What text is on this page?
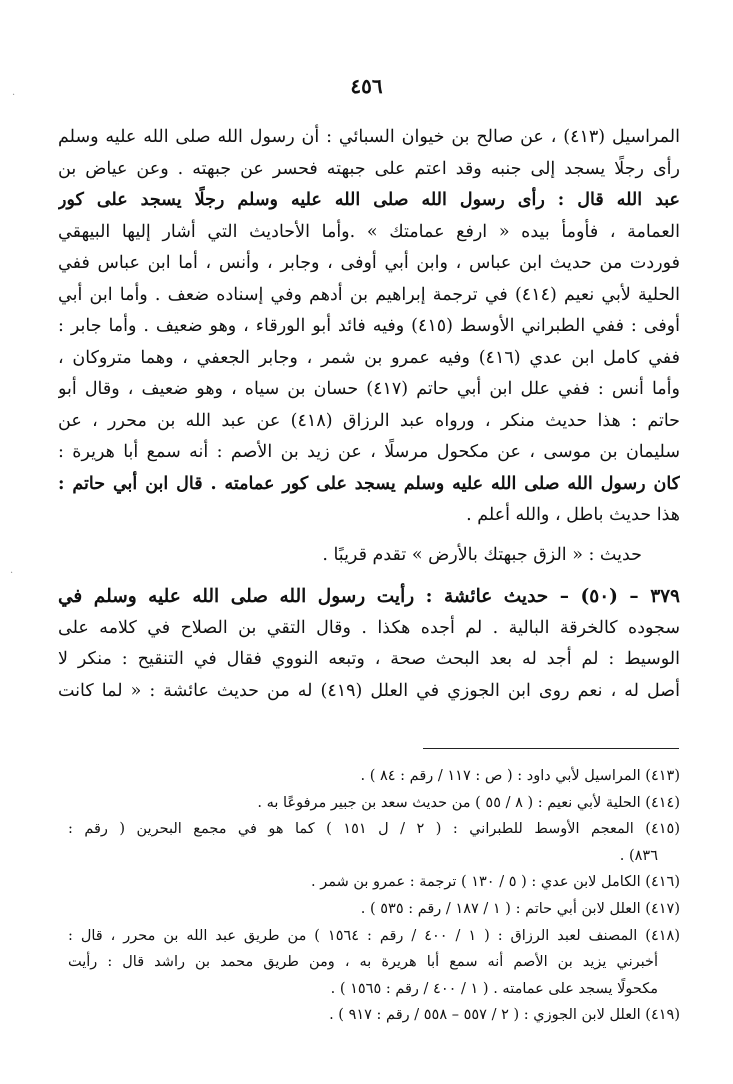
٤٥٦
المراسيل (٤١٣) ، عن صالح بن خيوان السبائي : أن رسول الله صلى الله عليه وسلم
رأى رجلًا يسجد إلى جنبه وقد اعتم على جبهته فحسر عن جبهته . وعن عياض بن
عبد الله قال : رأى رسول الله صلى الله عليه وسلم رجلًا يسجد على كور
العمامة ، فأومأ بيده « ارفع عمامتك » .وأما الأحاديث التي أشار إليها البيهقي
فوردت من حديث ابن عباس ، وابن أبي أوفى ، وجابر ، وأنس ، أما ابن عباس ففي
الحلية لأبي نعيم (٤١٤) في ترجمة إبراهيم بن أدهم وفي إسناده ضعف . وأما ابن أبي
أوفى : ففي الطبراني الأوسط (٤١٥) وفيه فائد أبو الورقاء ، وهو ضعيف . وأما جابر :
ففي كامل ابن عدي (٤١٦) وفيه عمرو بن شمر ، وجابر الجعفي ، وهما متروكان ،
وأما أنس : ففي علل ابن أبي حاتم (٤١٧) حسان بن سياه ، وهو ضعيف ، وقال أبو
حاتم : هذا حديث منكر ، ورواه عبد الرزاق (٤١٨) عن عبد الله بن محرر ، عن
سليمان بن موسى ، عن مكحول مرسلًا ، عن زيد بن الأصم : أنه سمع أبا هريرة :
كان رسول الله صلى الله عليه وسلم يسجد على كور عمامته . قال ابن أبي حاتم :
هذا حديث باطل ، والله أعلم .
حديث : « الزق جبهتك بالأرض » تقدم قريبًا .
٣٧٩ – (٥٠) – حديث عائشة : رأيت رسول الله صلى الله عليه وسلم في
سجوده كالخرقة البالية . لم أجده هكذا . وقال التقي بن الصلاح في كلامه على
الوسيط : لم أجد له بعد البحث صحة ، وتبعه النووي فقال في التنقيح : منكر لا
أصل له ، نعم روى ابن الجوزي في العلل (٤١٩) له من حديث عائشة : « لما كانت
(٤١٣) المراسيل لأبي داود : ( ص : ١١٧ / رقم : ٨٤ ) .
(٤١٤) الحلية لأبي نعيم : ( ٨ / ٥٥ ) من حديث سعد بن جبير مرفوعًا به .
(٤١٥) المعجم الأوسط للطبراني : ( ٢ / ل ١٥١ ) كما هو في مجمع البحرين ( رقم :
٨٣٦) .
(٤١٦) الكامل لابن عدي : ( ٥ / ١٣٠ ) ترجمة : عمرو بن شمر .
(٤١٧) العلل لابن أبي حاتم : ( ١ / ١٨٧ / رقم : ٥٣٥ ) .
(٤١٨) المصنف لعبد الرزاق : ( ١ / ٤٠٠ / رقم : ١٥٦٤ ) من طريق عبد الله بن محرر ، قال :
أخبرني يزيد بن الأصم أنه سمع أبا هريرة به ، ومن طريق محمد بن راشد قال : رأيت
مكحولًا يسجد على عمامته . ( ١ / ٤٠٠ / رقم : ١٥٦٥ ) .
(٤١٩) العلل لابن الجوزي : ( ٢ / ٥٥٧ – ٥٥٨ / رقم : ٩١٧ ) .
·
·
